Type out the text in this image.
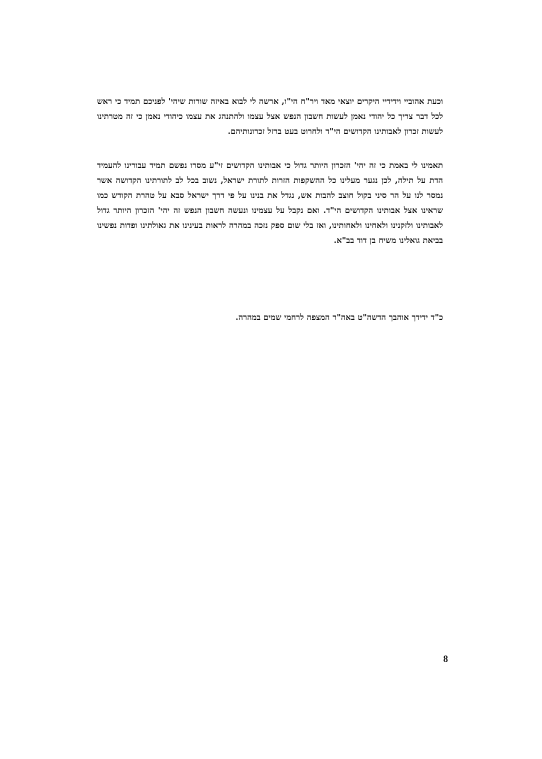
וכעת אהוביי וידידיי היקרים יוצאי מאד ויר"ח הי"ו, ארשה לי לבוא באיזה שורות שיהי' לפניכם תמיד כי ראש לכל דבר צריך כל יהודי נאמן לעשות חשבון הנפש אצל עצמו ולהתנהג את עצמו כיהודי נאמן כי זה מטרתינו לעשות זכרון לאבותינו הקדושים הי"ד ולחרוט בעט ברזל זכרונותיהם.

תאמינו לי באמת כי זה יהי' הזכרון היותר גדול כי אבותינו הקדושים זי"ע מסרו נפשם תמיד עבורינו להעמיד הדת על תילה, לכן נגער מעלינו כל ההשקפות הזרות לתורת ישראל, נשוב בכל לב לתורתינו הקדושה אשר נמסר לנו על הר סיני בקול חוצב להבות אש, נגדל את בנינו על פי דרך ישראל סבא על טהרת הקודש כמו שראינו אצל אבותינו הקדושים הי"ד. ואם נקבל על עצמינו ונעשה חשבון הנפש זה יהי' הזכרון היותר גדול לאבותינו ולזקנינו ולאחינו ולאחותינו, ואז בלי שום ספק נזכה במהרה לראות בעינינו את גאולתינו ופדות נפשינו בביאת גואלינו משיח בן דוד בב"א.

כ"ד ידידך אוהבך הדשה"ט באה"ר המצפה לרחמי שמים במהרה.

8
